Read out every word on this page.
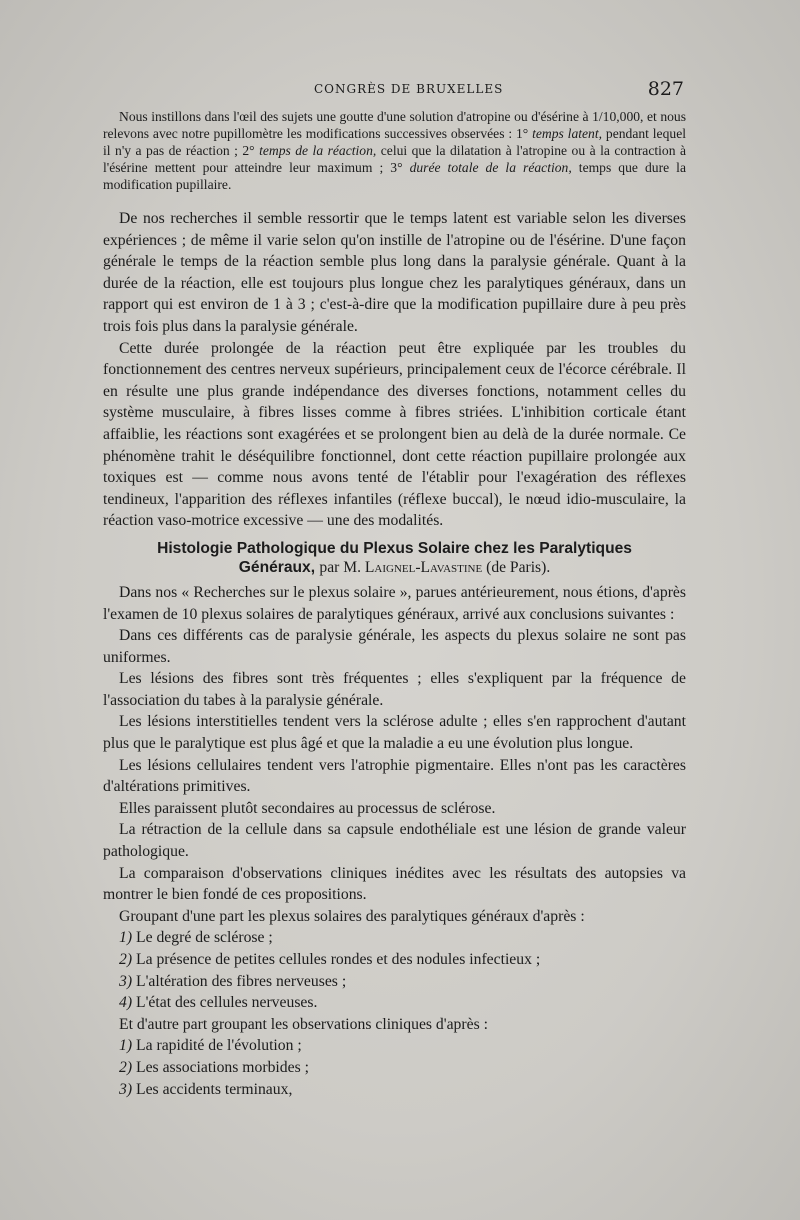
CONGRÈS DE BRUXELLES	827

Nous instillons dans l'œil des sujets une goutte d'une solution d'atropine ou d'ésérine à 1/10,000, et nous relevons avec notre pupillomètre les modifications successives observées : 1° temps latent, pendant lequel il n'y a pas de réaction ; 2° temps de la réaction, celui que la dilatation à l'atropine ou à la contraction à l'ésérine mettent pour atteindre leur maximum ; 3° durée totale de la réaction, temps que dure la modification pupillaire.

De nos recherches il semble ressortir que le temps latent est variable selon les diverses expériences ; de même il varie selon qu'on instille de l'atropine ou de l'ésérine. D'une façon générale le temps de la réaction semble plus long dans la paralysie générale. Quant à la durée de la réaction, elle est toujours plus longue chez les paralytiques généraux, dans un rapport qui est environ de 1 à 3 ; c'est-à-dire que la modification pupillaire dure à peu près trois fois plus dans la paralysie générale.

Cette durée prolongée de la réaction peut être expliquée par les troubles du fonctionnement des centres nerveux supérieurs, principalement ceux de l'écorce cérébrale. Il en résulte une plus grande indépendance des diverses fonctions, notamment celles du système musculaire, à fibres lisses comme à fibres striées. L'inhibition corticale étant affaiblie, les réactions sont exagérées et se prolongent bien au delà de la durée normale. Ce phénomène trahit le déséquilibre fonctionnel, dont cette réaction pupillaire prolongée aux toxiques est — comme nous avons tenté de l'établir pour l'exagération des réflexes tendineux, l'apparition des réflexes infantiles (réflexe buccal), le nœud idio-musculaire, la réaction vaso-motrice excessive — une des modalités.

Histologie Pathologique du Plexus Solaire chez les Paralytiques
Généraux, par M. Laignel-Lavastine (de Paris).

Dans nos « Recherches sur le plexus solaire », parues antérieurement, nous étions, d'après l'examen de 10 plexus solaires de paralytiques généraux, arrivé aux conclusions suivantes :

Dans ces différents cas de paralysie générale, les aspects du plexus solaire ne sont pas uniformes.

Les lésions des fibres sont très fréquentes ; elles s'expliquent par la fréquence de l'association du tabes à la paralysie générale.

Les lésions interstitielles tendent vers la sclérose adulte ; elles s'en rapprochent d'autant plus que le paralytique est plus âgé et que la maladie a eu une évolution plus longue.

Les lésions cellulaires tendent vers l'atrophie pigmentaire. Elles n'ont pas les caractères d'altérations primitives.

Elles paraissent plutôt secondaires au processus de sclérose.

La rétraction de la cellule dans sa capsule endothéliale est une lésion de grande valeur pathologique.

La comparaison d'observations cliniques inédites avec les résultats des autopsies va montrer le bien fondé de ces propositions.

Groupant d'une part les plexus solaires des paralytiques généraux d'après :

1) Le degré de sclérose ;

2) La présence de petites cellules rondes et des nodules infectieux ;

3) L'altération des fibres nerveuses ;

4) L'état des cellules nerveuses.

Et d'autre part groupant les observations cliniques d'après :

1) La rapidité de l'évolution ;

2) Les associations morbides ;

3) Les accidents terminaux,
